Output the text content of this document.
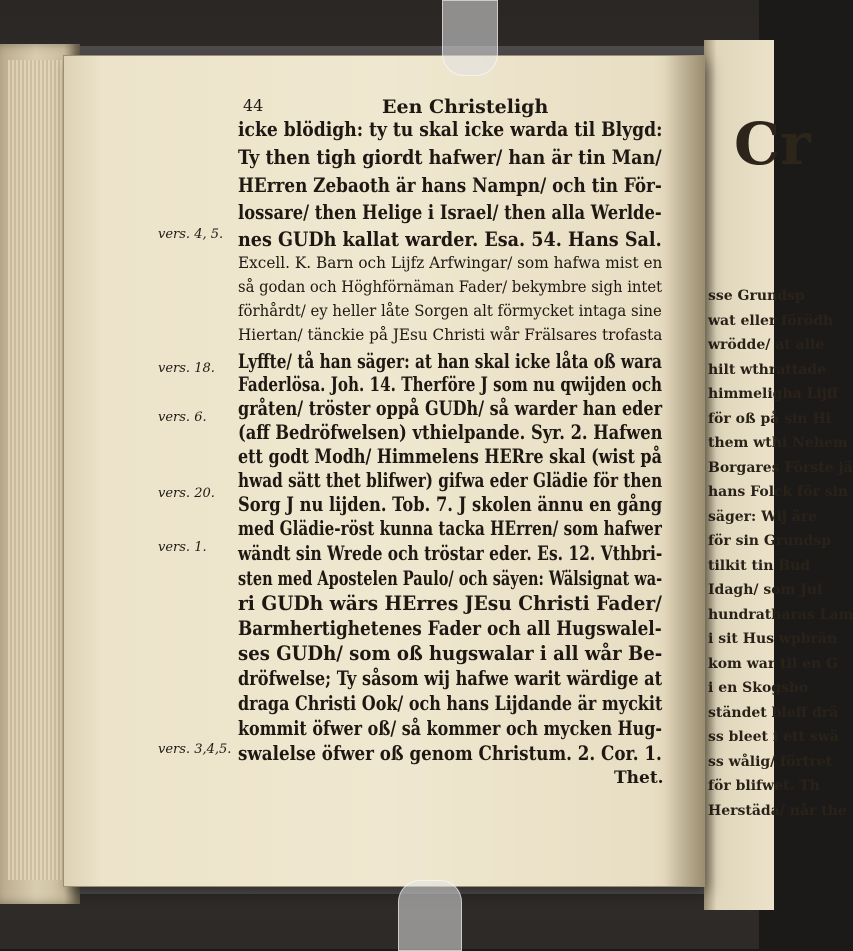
Cr
sse Grundsp
wat eller förödh
wrödde/ at alle
hilt wthrattade
himmeligha Lijff
för oß på sin Hi
them wthi Nehem
Borgares Förste jä
hans Folck för sin
säger: Wij äre
för sin Grundsp
tilkit tin Bud
Idagh/ som Jul
hundratharas Lam
i sit Hus wpbrän
kom war til en G
i en Skogsbo
ständet bleff drä
ss bleet i ett swä
ss wålig/ förtret
för blifwet. Th
Herstäda/ når the
44	Een Christeligh
vers. 4, 5.
vers. 18.
vers. 6.
vers. 20.
vers. 1.
vers. 3,4,5.
icke blödigh: ty tu skal icke warda til Blygd:
Ty then tigh giordt hafwer/ han är tin Man/
HErren Zebaoth är hans Nampn/ och tin För-
lossare/ then Helige i Israel/ then alla Werlde-
nes GUDh kallat warder. Esa. 54. Hans Sal.
Excell. K. Barn och Lijfz Arfwingar/ som hafwa mist en
så godan och Höghförnäman Fader/ bekymbre sigh intet
förhårdt/ ey heller låte Sorgen alt förmycket intaga sine
Hiertan/ tänckie på JEsu Christi wår Frälsares trofasta
Lyffte/ tå han säger: at han skal icke låta oß wara
Faderlösa. Joh. 14. Therföre J som nu qwijden och
gråten/ tröster oppå GUDh/ så warder han eder
(aff Bedröfwelsen) vthielpande. Syr. 2. Hafwen
ett godt Modh/ Himmelens HERre skal (wist på
hwad sätt thet blifwer) gifwa eder Glädie för then
Sorg J nu lijden. Tob. 7. J skolen ännu en gång
med Glädie-röst kunna tacka HErren/ som hafwer
wändt sin Wrede och tröstar eder. Es. 12. Vthbri-
sten med Apostelen Paulo/ och säyen: Wälsignat wa-
ri GUDh wärs HErres JEsu Christi Fader/
Barmhertighetenes Fader och all Hugswalel-
ses GUDh/ som oß hugswalar i all wår Be-
dröfwelse; Ty såsom wij hafwe warit wärdige at
draga Christi Ook/ och hans Lijdande är myckit
kommit öfwer oß/ så kommer och mycken Hug-
swalelse öfwer oß genom Christum. 2. Cor. 1.
Thet.
